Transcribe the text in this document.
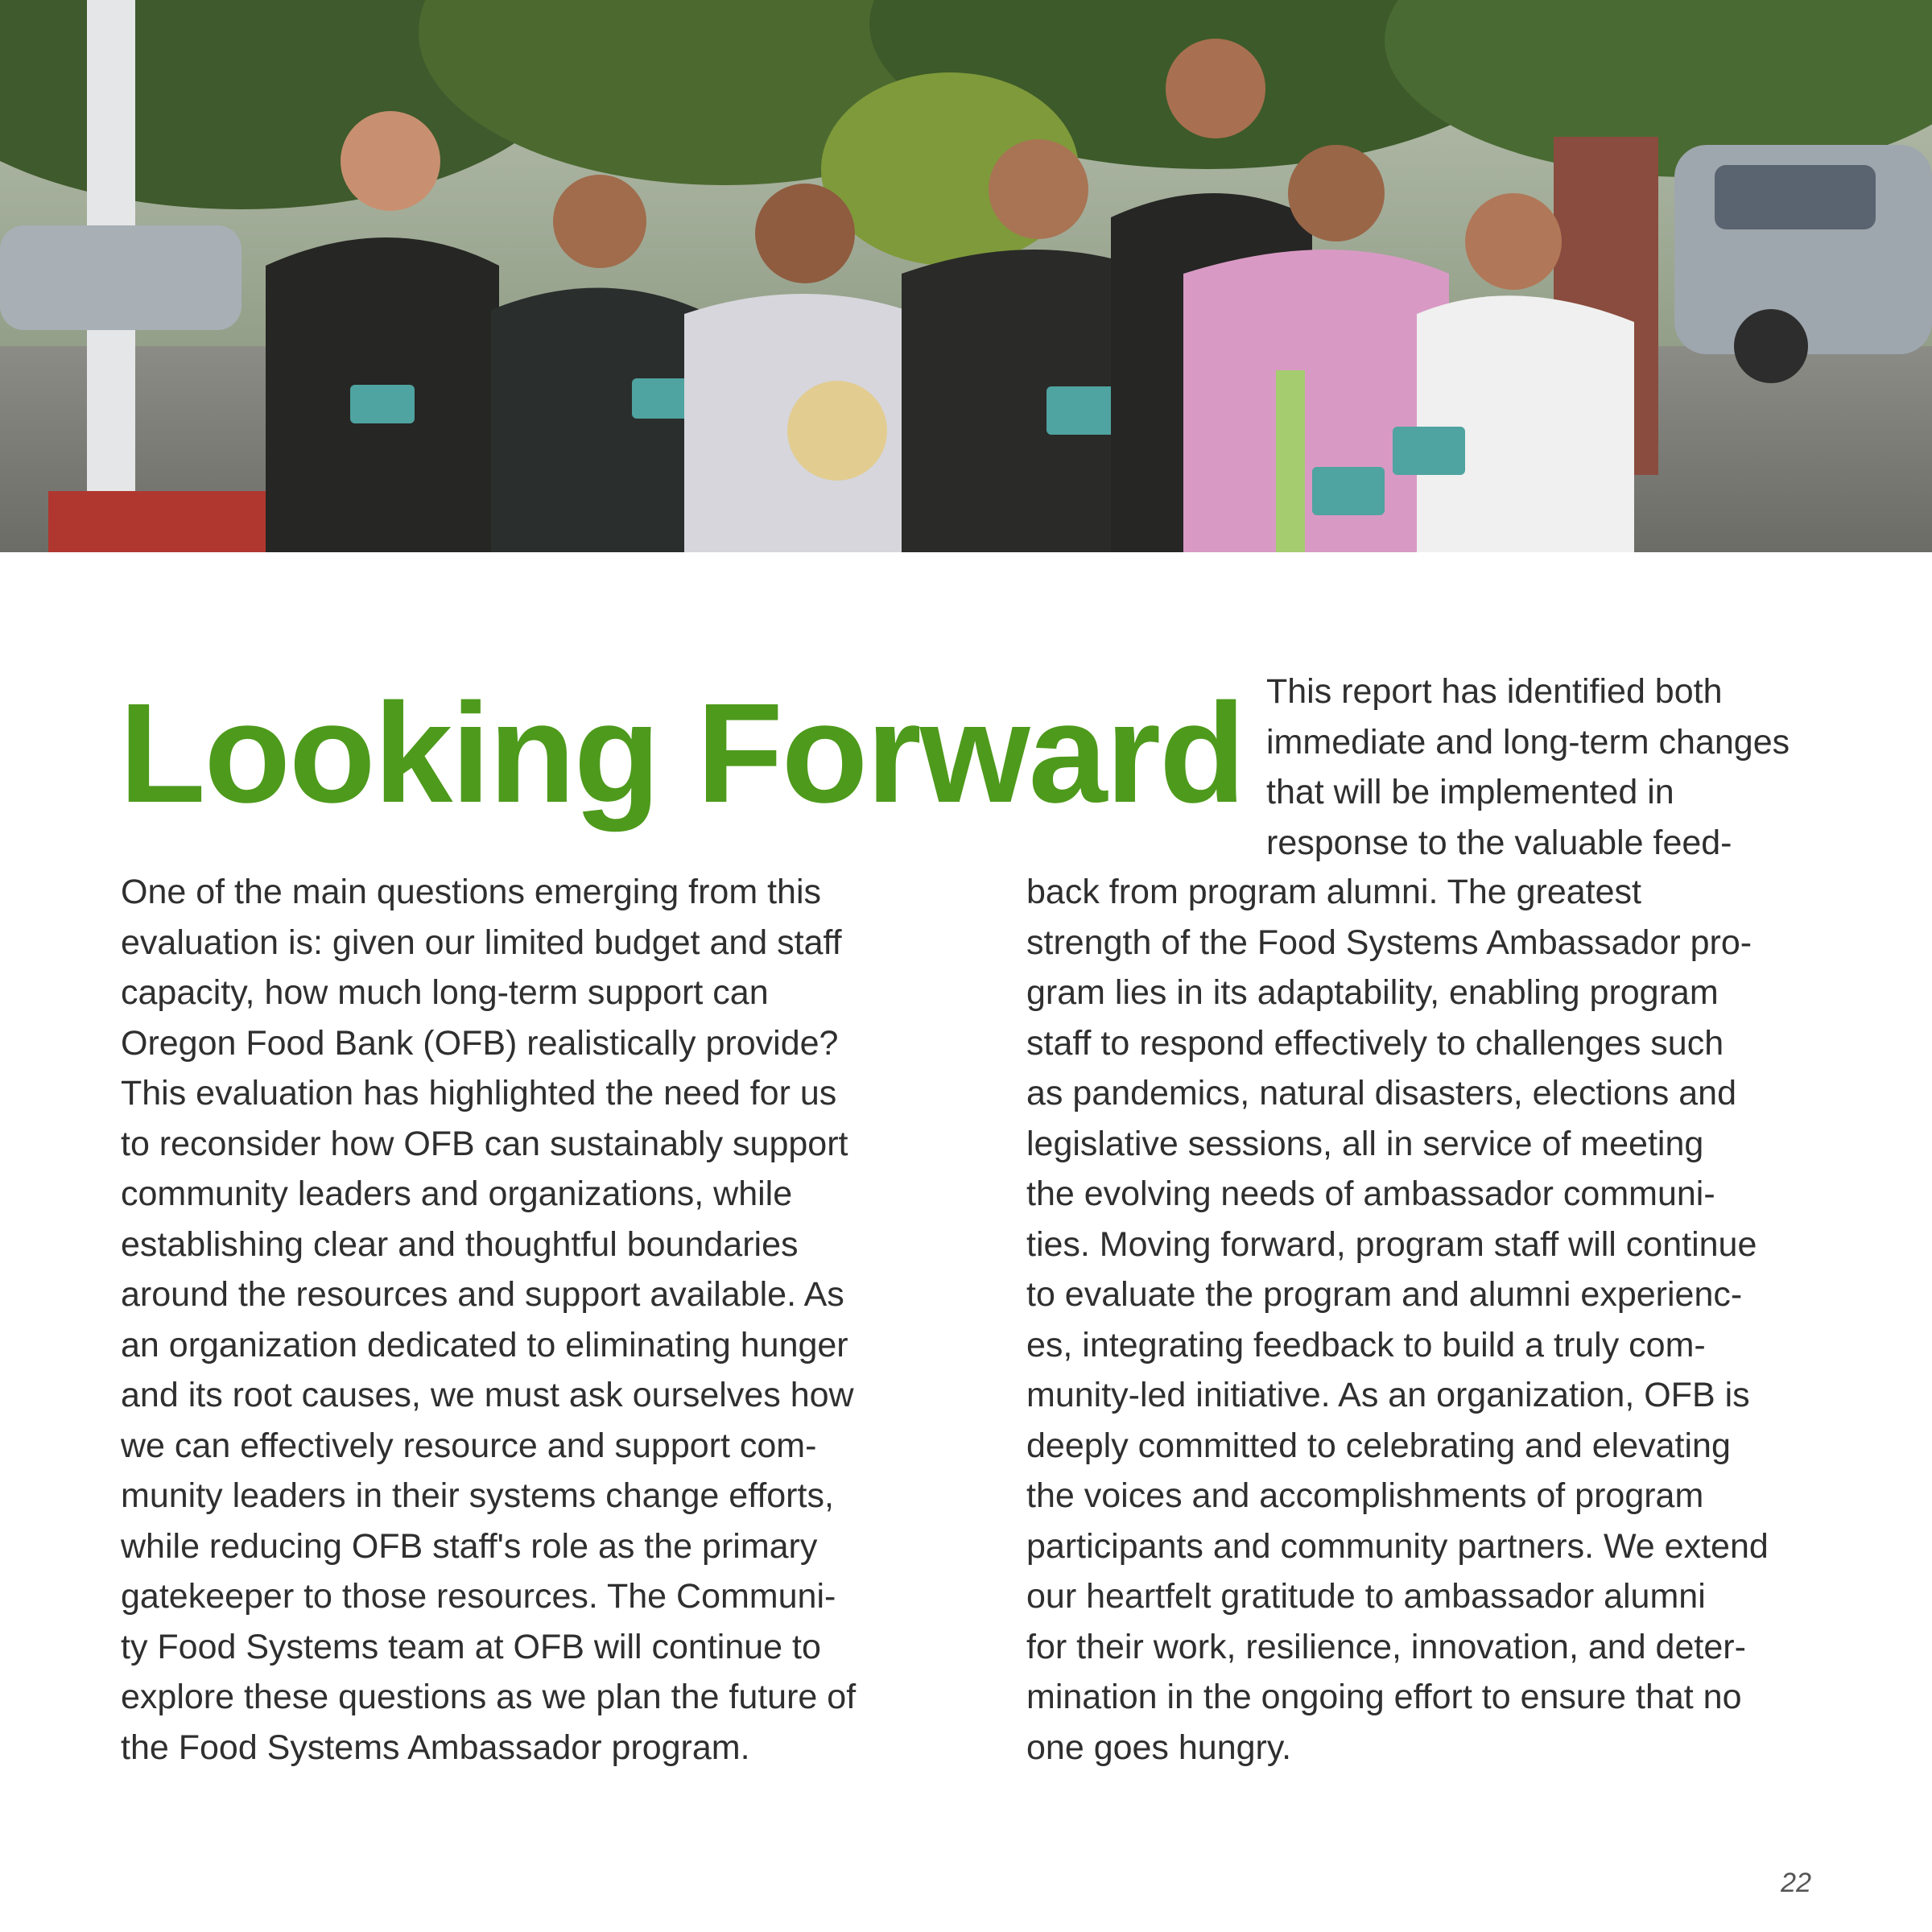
Looking Forward This report has identified both
immediate and long-term changes
that will be implemented in
response to the valuable feed-
One of the main questions emerging from this
evaluation is: given our limited budget and staff
capacity, how much long-term support can
Oregon Food Bank (OFB) realistically provide?
This evaluation has highlighted the need for us
to reconsider how OFB can sustainably support
community leaders and organizations, while
establishing clear and thoughtful boundaries
around the resources and support available. As
an organization dedicated to eliminating hunger
and its root causes, we must ask ourselves how
we can effectively resource and support com-
munity leaders in their systems change efforts,
while reducing OFB staff's role as the primary
gatekeeper to those resources. The Communi-
ty Food Systems team at OFB will continue to
explore these questions as we plan the future of
the Food Systems Ambassador program.
back from program alumni. The greatest
strength of the Food Systems Ambassador pro-
gram lies in its adaptability, enabling program
staff to respond effectively to challenges such
as pandemics, natural disasters, elections and
legislative sessions, all in service of meeting
the evolving needs of ambassador communi-
ties. Moving forward, program staff will continue
to evaluate the program and alumni experienc-
es, integrating feedback to build a truly com-
munity-led initiative. As an organization, OFB is
deeply committed to celebrating and elevating
the voices and accomplishments of program
participants and community partners. We extend
our heartfelt gratitude to ambassador alumni
for their work, resilience, innovation, and deter-
mination in the ongoing effort to ensure that no
one goes hungry.
22
